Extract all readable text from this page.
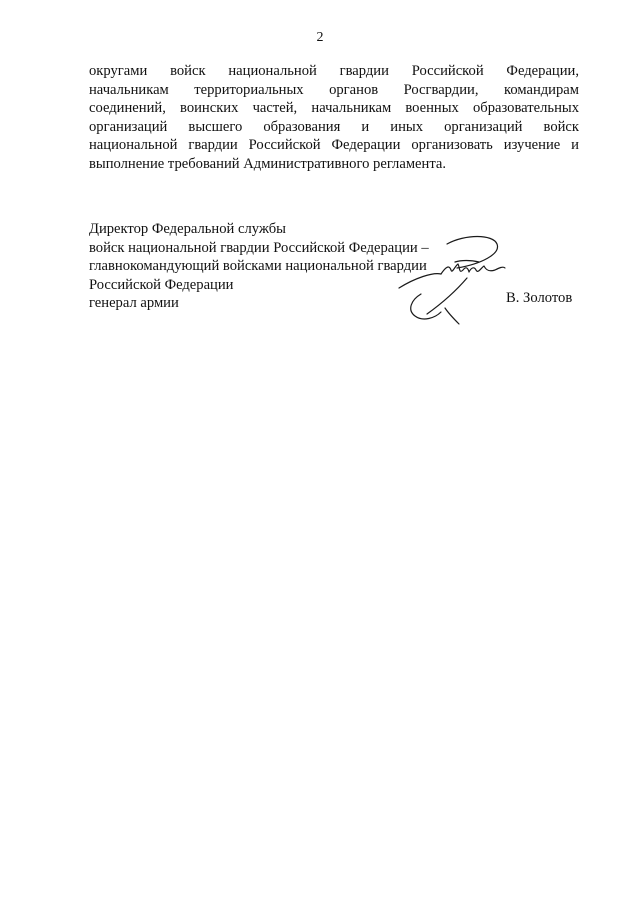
2
округами войск национальной гвардии Российской Федерации,
начальникам территориальных органов Росгвардии, командирам
соединений, воинских частей, начальникам военных образовательных
организаций высшего образования и иных организаций войск
национальной гвардии Российской Федерации организовать изучение и
выполнение требований Административного регламента.
Директор Федеральной службы
войск национальной гвардии Российской Федерации –
главнокомандующий войсками национальной гвардии
Российской Федерации
генерал армии	В. Золотов
